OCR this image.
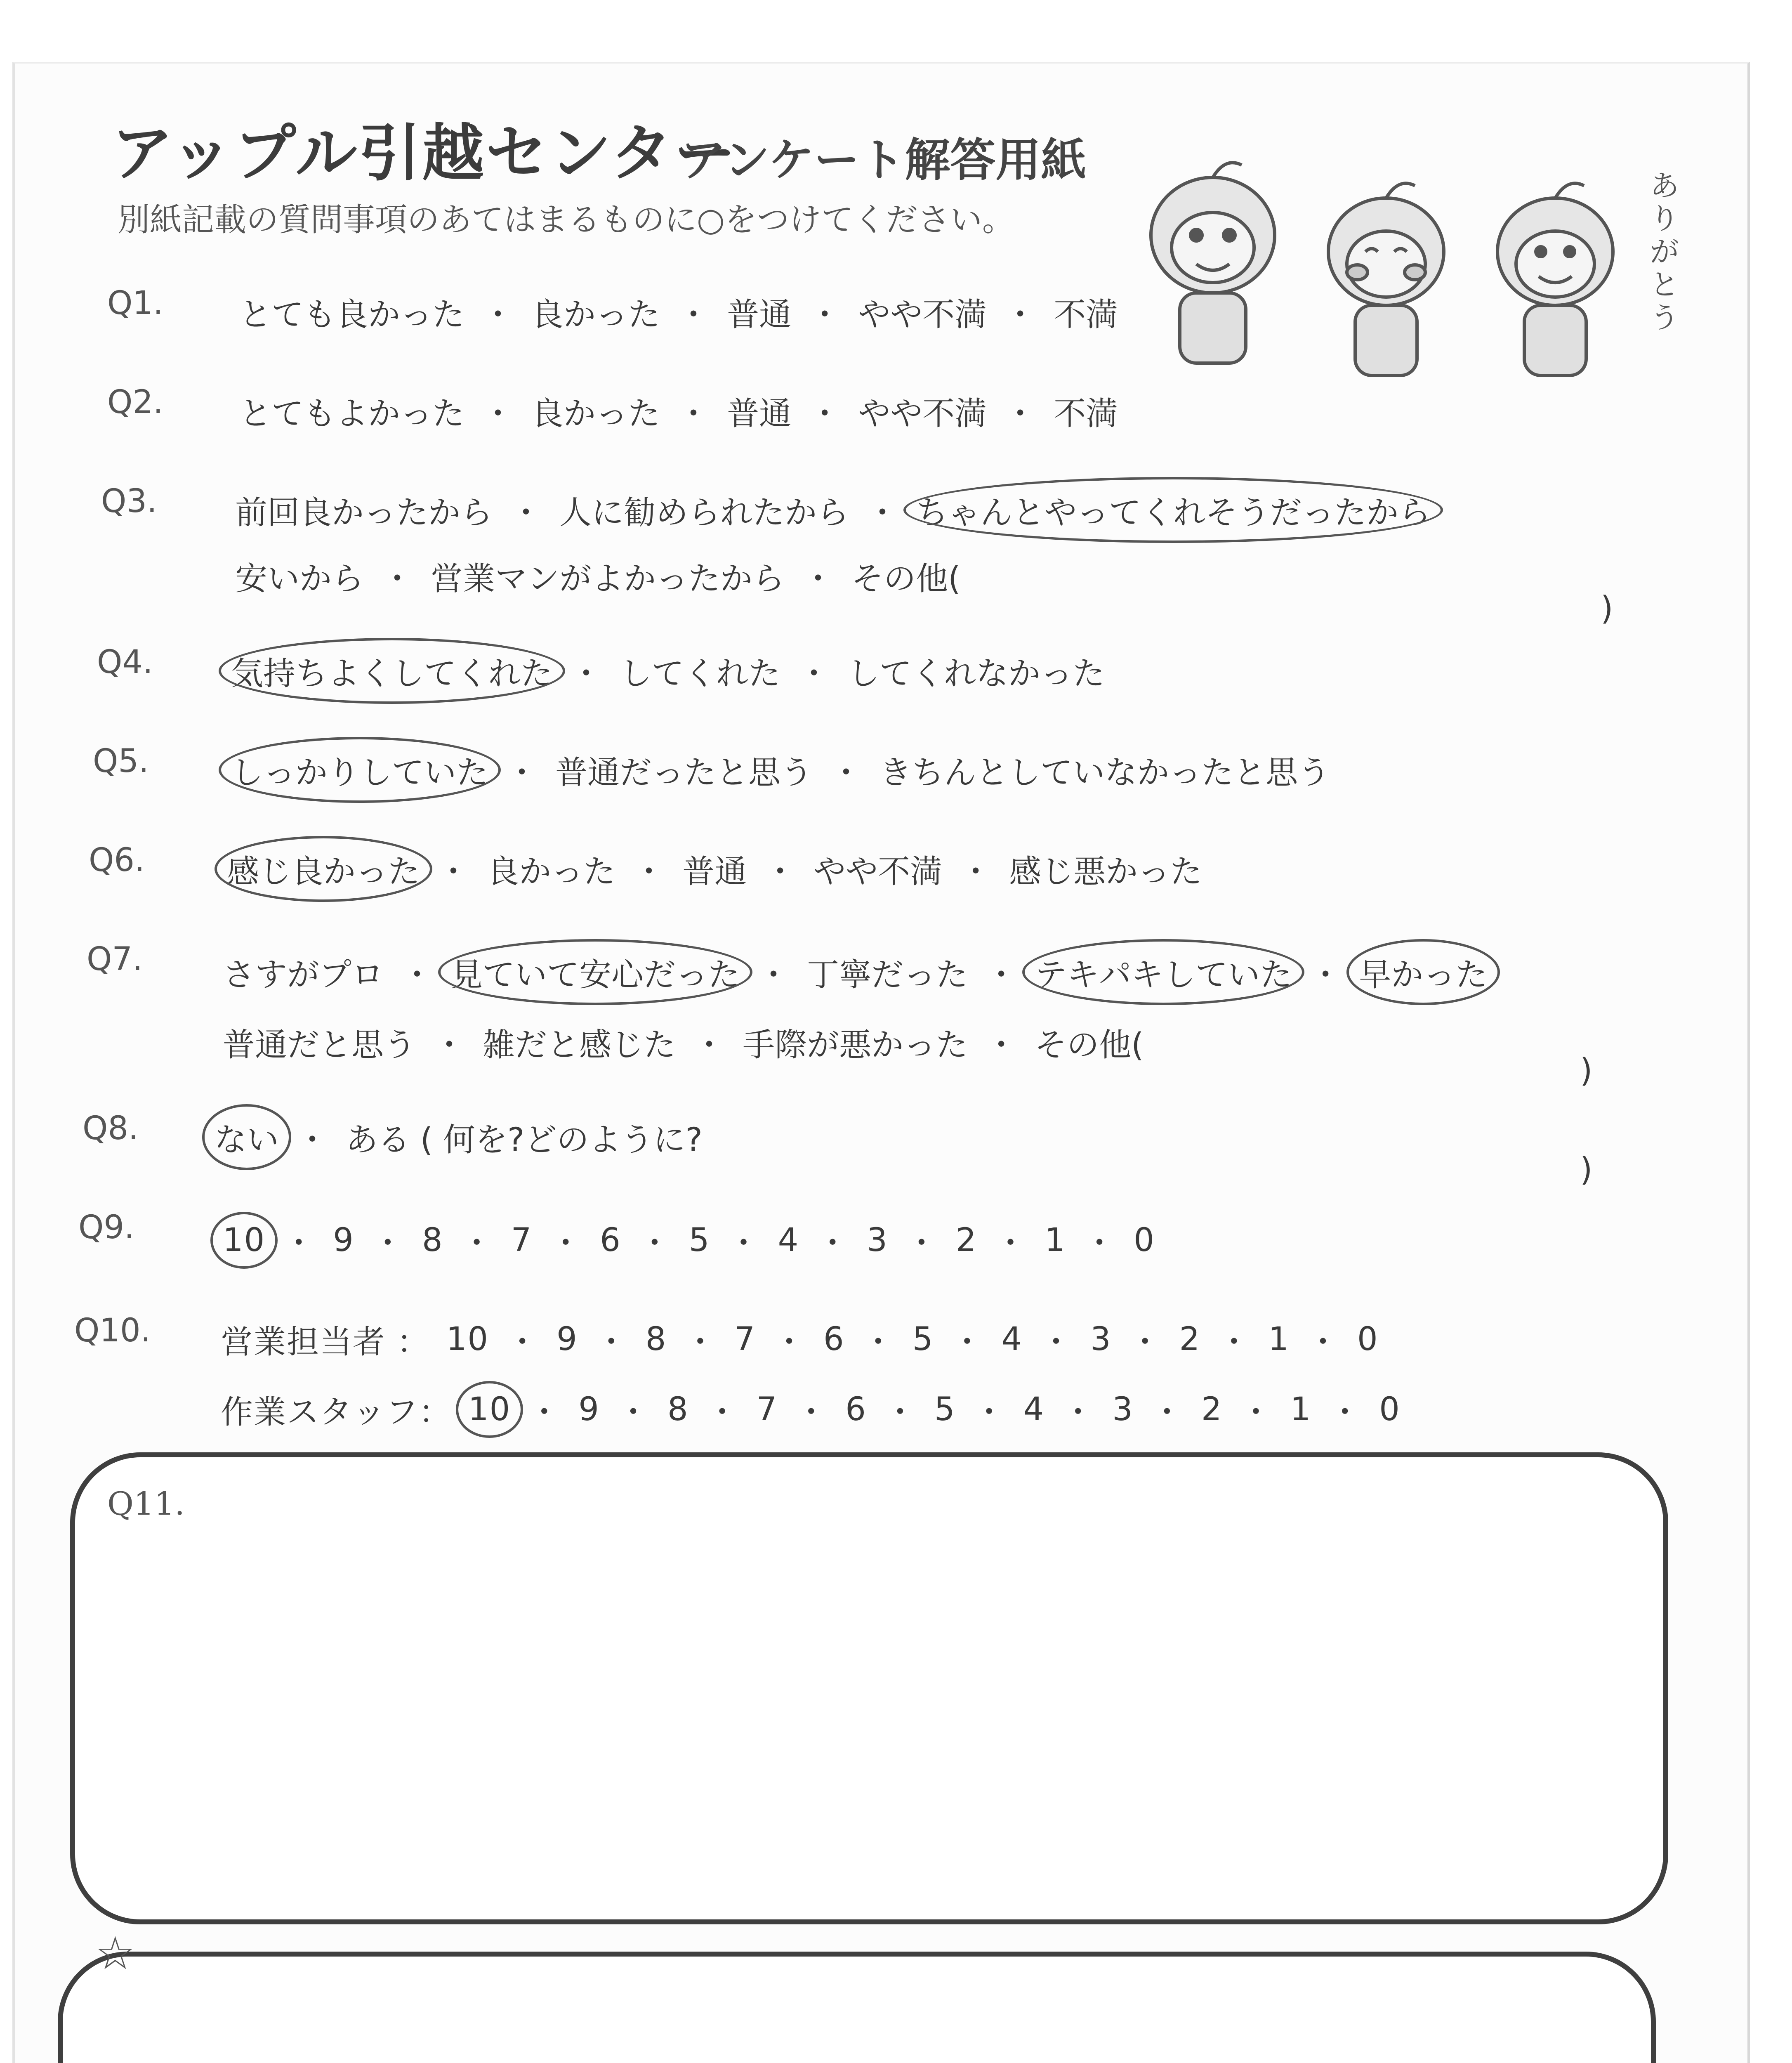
アップル引越センター
アンケート解答用紙
別紙記載の質問事項のあてはまるものに○をつけてください。
ありがとう
Q1. とても良かった ・ 良かった ・ 普通 ・ やや不満 ・ 不満
Q2. とてもよかった ・ 良かった ・ 普通 ・ やや不満 ・ 不満
Q3. 前回良かったから ・ 人に勧められたから ・ ちゃんとやってくれそうだったから
安いから ・ 営業マンがよかったから ・ その他(
)
Q4. 気持ちよくしてくれた ・ してくれた ・ してくれなかった
Q5.	しっかりしていた ・ 普通だったと思う ・ きちんとしていなかったと思う
Q6.	感じ良かった ・ 良かった ・ 普通 ・ やや不満 ・ 感じ悪かった
Q7. さすがプロ ・ 見ていて安心だった ・ 丁寧だった ・ テキパキしていた ・ 早かった
普通だと思う ・ 雑だと感じた ・ 手際が悪かった ・ その他(
)
Q8. ない ・ ある ( 何を?どのように?
)
Q9.	10 ・ 9 ・ 8 ・ 7 ・ 6 ・ 5 ・ 4 ・ 3 ・ 2 ・ 1 ・ 0
Q10. 営業担当者 ： 10 ・ 9 ・ 8 ・ 7 ・ 6 ・ 5 ・ 4 ・ 3 ・ 2 ・ 1 ・ 0
作業スタッフ： 10 ・ 9 ・ 8 ・ 7 ・ 6 ・ 5 ・ 4 ・ 3 ・ 2 ・ 1 ・ 0
Q11.
☆
